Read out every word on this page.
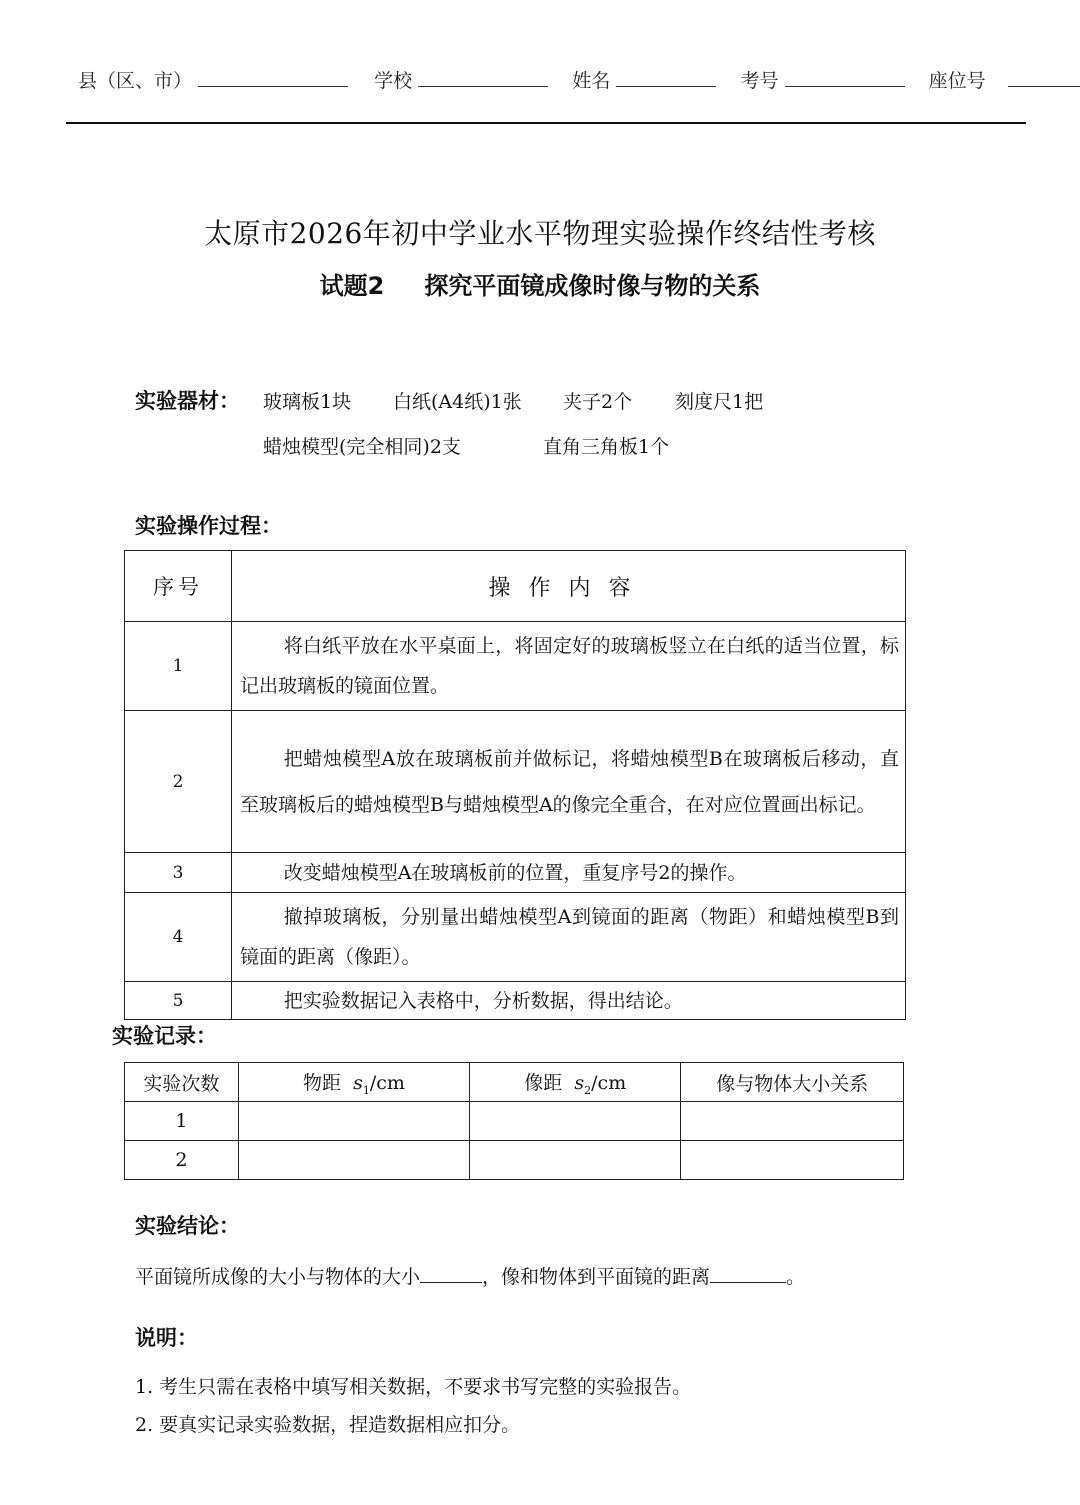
县（区、市）	学校	姓名	考号	座位号
太原市2026年初中学业水平物理实验操作终结性考核
试题2 探究平面镜成像时像与物的关系
实验器材： 玻璃板1块 白纸(A4纸)1张 夹子2个 刻度尺1把
蜡烛模型(完全相同)2支	直角三角板1个
实验操作过程：
序号	操作内容
1	将白纸平放在水平桌面上，将固定好的玻璃板竖立在白纸的适当位置，标记出玻璃板的镜面位置。
2	把蜡烛模型A放在玻璃板前并做标记，将蜡烛模型B在玻璃板后移动，直至玻璃板后的蜡烛模型B与蜡烛模型A的像完全重合，在对应位置画出标记。
3	改变蜡烛模型A在玻璃板前的位置，重复序号2的操作。
4	撤掉玻璃板，分别量出蜡烛模型A到镜面的距离（物距）和蜡烛模型B到镜面的距离（像距）。
5	把实验数据记入表格中，分析数据，得出结论。
实验记录：
实验次数	物距 $s_1/cm$	像距 $s_2/cm$	像与物体大小关系
1			
2			
实验结论：
平面镜所成像的大小与物体的大小	，像和物体到平面镜的距离	。
说明：
1. 考生只需在表格中填写相关数据，不要求书写完整的实验报告。
2. 要真实记录实验数据，捏造数据相应扣分。
